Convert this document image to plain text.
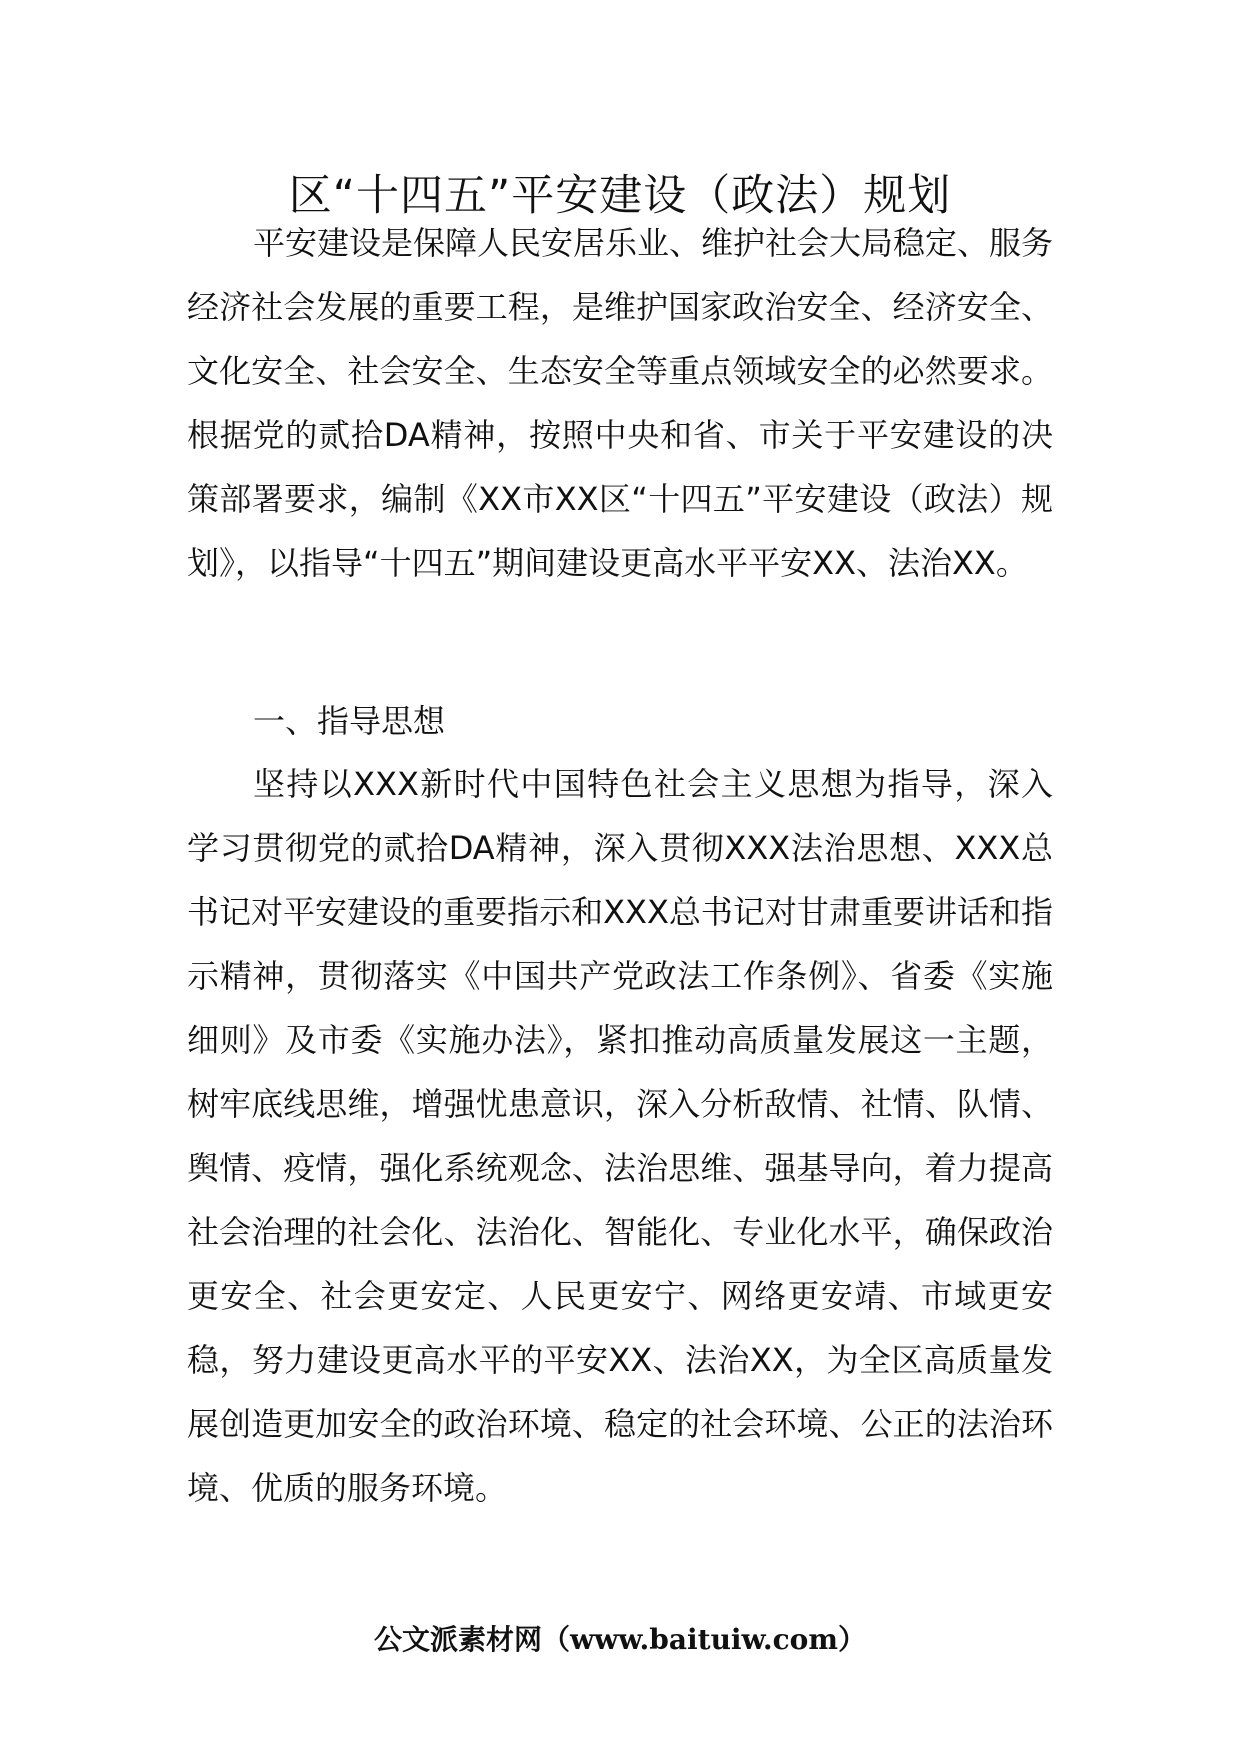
区“十四五”平安建设（政法）规划

平安建设是保障人民安居乐业、维护社会大局稳定、服务经济社会发展的重要工程，是维护国家政治安全、经济安全、文化安全、社会安全、生态安全等重点领域安全的必然要求。根据党的贰拾DA精神，按照中央和省、市关于平安建设的决策部署要求，编制《XX市XX区“十四五”平安建设（政法）规划》，以指导“十四五”期间建设更高水平平安XX、法治XX。

一、指导思想

坚持以XXX新时代中国特色社会主义思想为指导，深入学习贯彻党的贰拾DA精神，深入贯彻XXX法治思想、XXX总书记对平安建设的重要指示和XXX总书记对甘肃重要讲话和指示精神，贯彻落实《中国共产党政法工作条例》、省委《实施细则》及市委《实施办法》，紧扣推动高质量发展这一主题，树牢底线思维，增强忧患意识，深入分析敌情、社情、队情、舆情、疫情，强化系统观念、法治思维、强基导向，着力提高社会治理的社会化、法治化、智能化、专业化水平，确保政治更安全、社会更安定、人民更安宁、网络更安靖、市域更安稳，努力建设更高水平的平安XX、法治XX，为全区高质量发展创造更加安全的政治环境、稳定的社会环境、公正的法治环境、优质的服务环境。

公文派素材网（www.baituiw.com）
